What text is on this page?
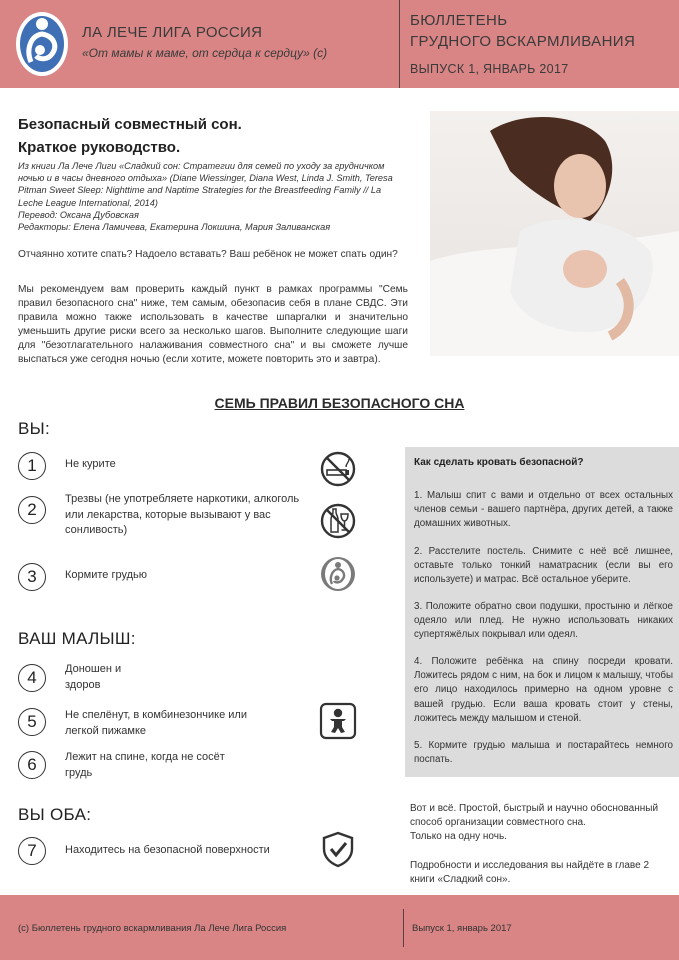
ЛА ЛЕЧЕ ЛИГА РОССИЯ
«От мамы к маме, от сердца к сердцу» (с)
БЮЛЛЕТЕНЬ
ГРУДНОГО ВСКАРМЛИВАНИЯ
ВЫПУСК 1, ЯНВАРЬ 2017
Безопасный совместный сон.
Краткое руководство.
Из книги Ла Лече Лиги «Сладкий сон: Стратегии для семей по уходу за грудничком
ночью и в часы дневного отдыха» (Diane Wiessinger, Diana West, Linda J. Smith, Teresa
Pitman Sweet Sleep: Nighttime and Naptime Strategies for the Breastfeeding Family // La
Leche League International, 2014)
Перевод: Оксана Дубовская
Редакторы: Елена Ламичева, Екатерина Локшина, Мария Заливанская
Отчаянно хотите спать? Надоело вставать? Ваш ребёнок не может спать один?
Мы рекомендуем вам проверить каждый пункт в рамках программы "Семь правил безопасного сна" ниже, тем самым, обезопасив себя в плане СВДС. Эти правила можно также использовать в качестве шпаргалки и значительно уменьшить другие риски всего за несколько шагов. Выполните следующие шаги для "безотлагательного налаживания совместного сна" и вы сможете лучше выспаться уже сегодня ночью (если хотите, можете повторить это и завтра).
СЕМЬ ПРАВИЛ БЕЗОПАСНОГО СНА
ВЫ:
1	Не курите
2
Трезвы (не употребляете наркотики, алкоголь или лекарства, которые вызывают у вас сонливость)
3	Кормите грудью
ВАШ МАЛЫШ:
4	Доношен и здоров
5	Не спелёнут, в комбинезончике или легкой пижамке
6	Лежит на спине, когда не сосёт грудь
ВЫ ОБА:
7	Находитесь на безопасной поверхности
Как сделать кровать безопасной?
1. Малыш спит с вами и отдельно от всех остальных членов семьи - вашего партнёра, других детей, а также домашних животных.
2. Расстелите постель. Снимите с неё всё лишнее, оставьте только тонкий наматрасник (если вы его используете) и матрас. Всё остальное уберите.
3. Положите обратно свои подушки, простыню и лёгкое одеяло или плед. Не нужно использовать никаких супертяжёлых покрывал или одеял.
4. Положите ребёнка на спину посреди кровати. Ложитесь рядом с ним, на бок и лицом к малышу, чтобы его лицо находилось примерно на одном уровне с вашей грудью. Если ваша кровать стоит у стены, ложитесь между малышом и стеной.
5. Кормите грудью малыша и постарайтесь немного поспать.
Вот и всё. Простой, быстрый и научно обоснованный способ организации совместного сна.
Только на одну ночь.
Подробности и исследования вы найдёте в главе 2 книги «Сладкий сон».
(с) Бюллетень грудного вскармливания Ла Лече Лига Россия	Выпуск 1, январь 2017
